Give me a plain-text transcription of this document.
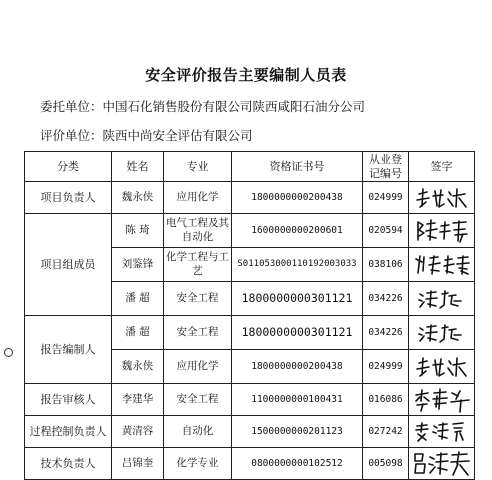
安全评价报告主要编制人员表
委托单位：中国石化销售股份有限公司陕西咸阳石油分公司
评价单位：陕西中尚安全评估有限公司
分类	姓名	专业	资格证书号	从业登记编号	签字
项目负责人	魏永侠	应用化学	1800000000200438	024999	

项目组成员	陈 琦	电气工程及其自动化	1600000000200601	020594	

	刘鉴锋	化学工程与工艺	S011053000110192003033	038106	

	潘 超	安全工程	1800000000301121	034226	

报告编制人	潘 超	安全工程	1800000000301121	034226	

	魏永侠	应用化学	1800000000200438	024999	

报告审核人	李建华	安全工程	1100000000100431	016086	

过程控制负责人	黄清容	自动化	1500000000201123	027242	

技术负责人	吕锦奎	化学专业	0800000000102512	005098	
